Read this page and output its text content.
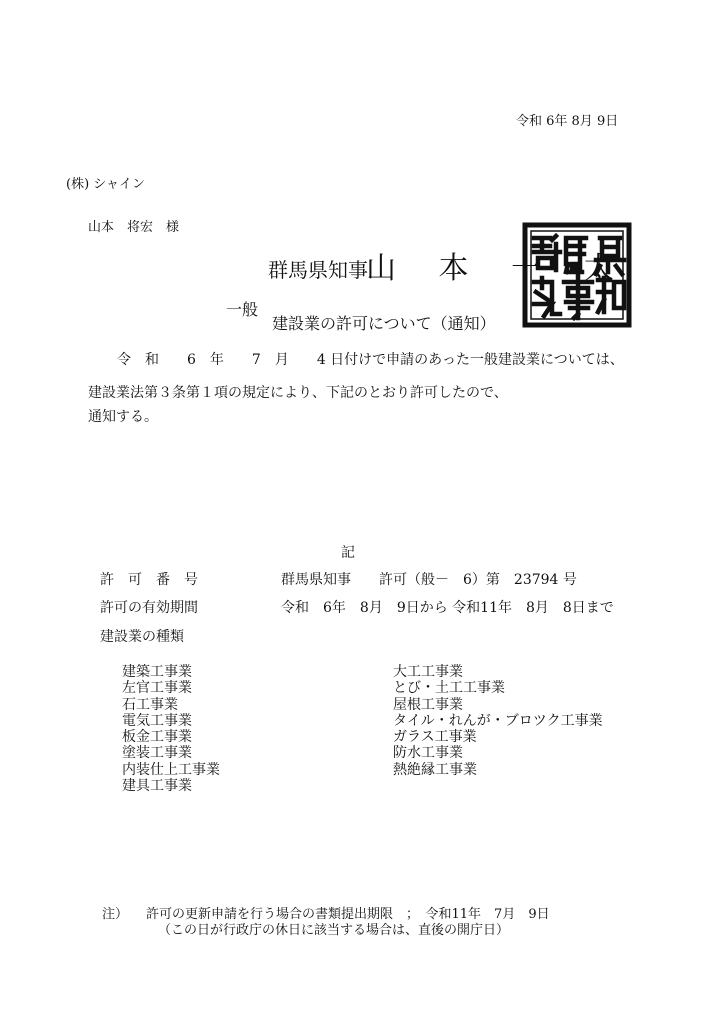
令和 6年 8月 9日
(株) シャイン
山本　将宏　様
群馬県知事
山 本 一 太
一般
建設業の許可について（通知）
令　和　　6　年　　7　月　　4 日付けで申請のあった一般建設業については、
建設業法第３条第１項の規定により、下記のとおり許可したので、
通知する。
記
許　可　番　号	群馬県知事　　許可（般－　6）第　23794 号
許可の有効期間	令和　6年　8月　9日から 令和11年　8月　8日まで
建設業の種類
建築工事業
左官工事業
石工事業
電気工事業
板金工事業
塗装工事業
内装仕上工事業
建具工事業
大工工事業
とび・土工工事業
屋根工事業
タイル・れんが・ブロツク工事業
ガラス工事業
防水工事業
熱絶縁工事業
注） 許可の更新申請を行う場合の書類提出期限　；　令和11年　7月　9日
（この日が行政庁の休日に該当する場合は、直後の開庁日）
